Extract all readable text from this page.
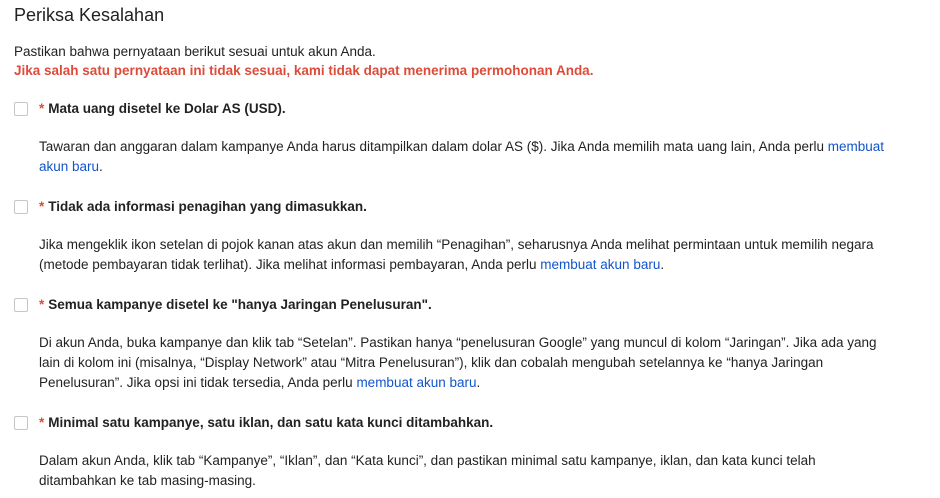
Periksa Kesalahan
Pastikan bahwa pernyataan berikut sesuai untuk akun Anda.
Jika salah satu pernyataan ini tidak sesuai, kami tidak dapat menerima permohonan Anda.
* Mata uang disetel ke Dolar AS (USD).
Tawaran dan anggaran dalam kampanye Anda harus ditampilkan dalam dolar AS ($). Jika Anda memilih mata uang lain, Anda perlu membuat akun baru.
* Tidak ada informasi penagihan yang dimasukkan.
Jika mengeklik ikon setelan di pojok kanan atas akun dan memilih “Penagihan”, seharusnya Anda melihat permintaan untuk memilih negara (metode pembayaran tidak terlihat). Jika melihat informasi pembayaran, Anda perlu membuat akun baru.
* Semua kampanye disetel ke "hanya Jaringan Penelusuran".
Di akun Anda, buka kampanye dan klik tab “Setelan”. Pastikan hanya “penelusuran Google” yang muncul di kolom “Jaringan”. Jika ada yang lain di kolom ini (misalnya, “Display Network” atau “Mitra Penelusuran”), klik dan cobalah mengubah setelannya ke “hanya Jaringan Penelusuran”. Jika opsi ini tidak tersedia, Anda perlu membuat akun baru.
* Minimal satu kampanye, satu iklan, dan satu kata kunci ditambahkan.
Dalam akun Anda, klik tab “Kampanye”, “Iklan”, dan “Kata kunci”, dan pastikan minimal satu kampanye, iklan, dan kata kunci telah ditambahkan ke tab masing-masing.
